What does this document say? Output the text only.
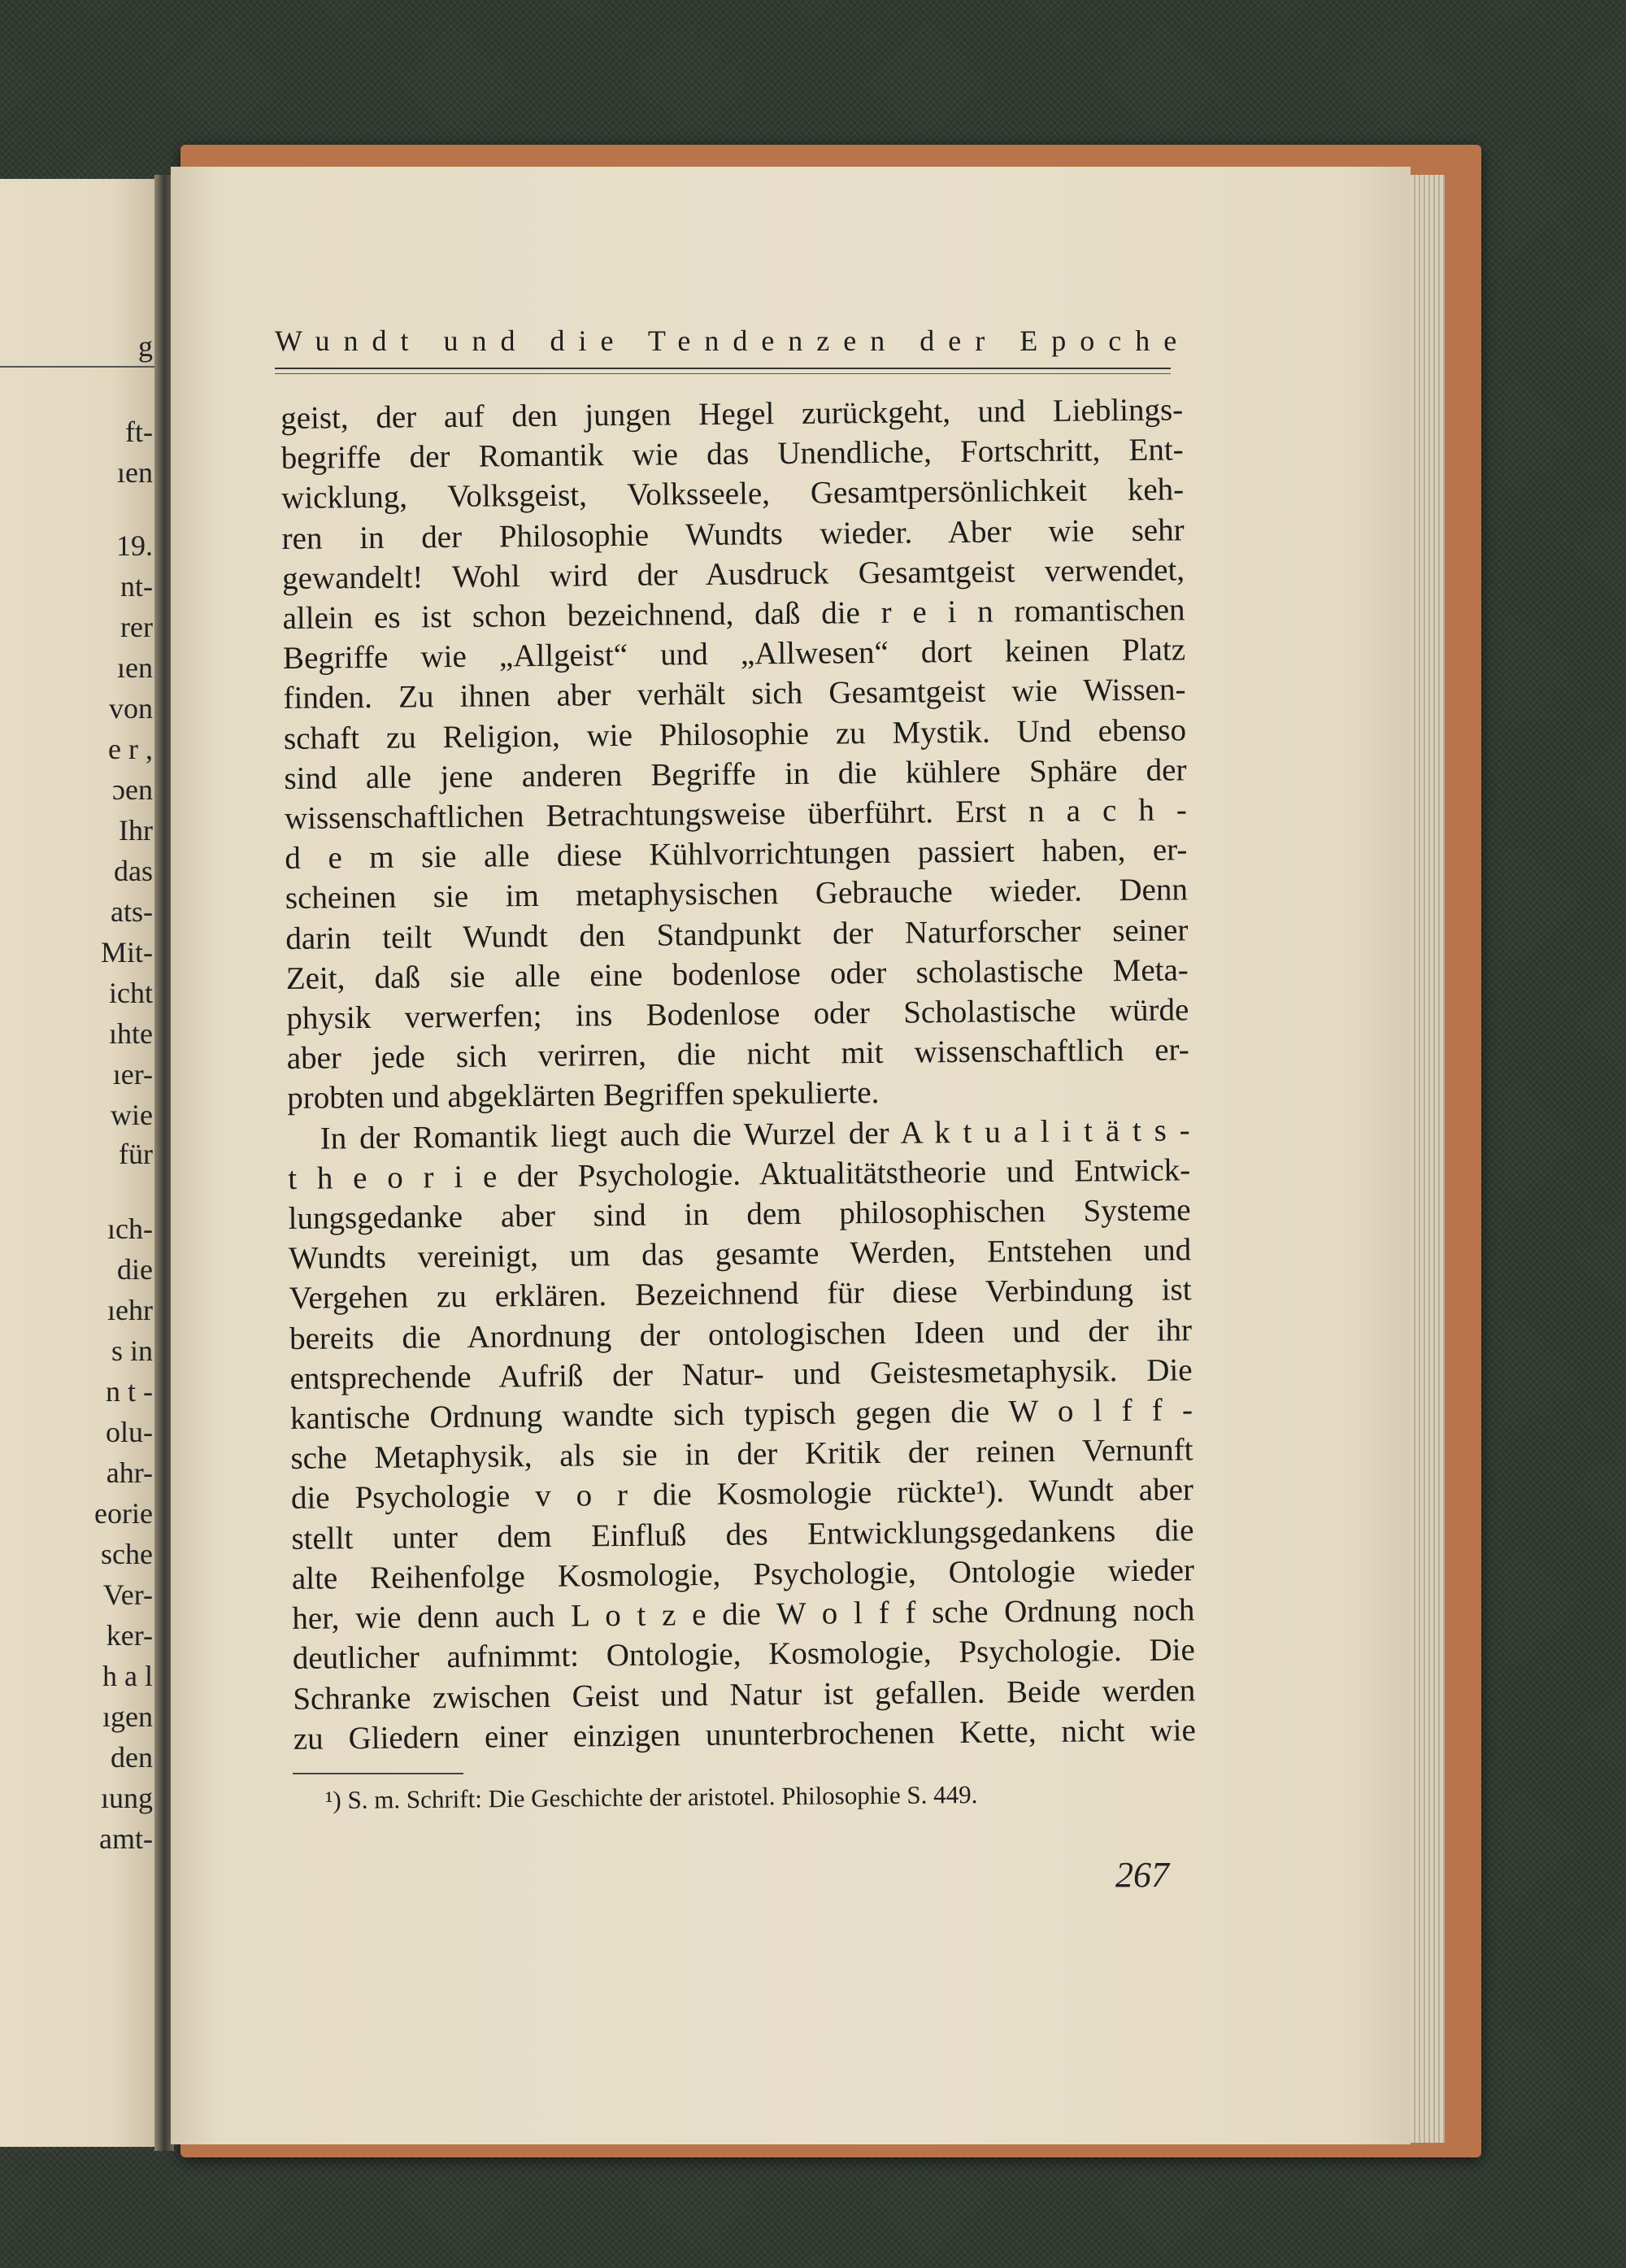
g
ft-
ıen
19.
nt-
rer
ıen
von
e r ,
ɔen
Ihr
das
ats-
Mit-
icht
ıhte
ıer-
wie
für
ıch-
die
ıehr
s in
n t -
olu-
ahr-
eorie
sche
Ver-
ker-
h a l
ıgen
den
ıung
amt-
Wundt und die Tendenzen der Epoche
geist, der auf den jungen Hegel zurückgeht, und Lieblings-
begriffe der Romantik wie das Unendliche, Fortschritt, Ent-
wicklung, Volksgeist, Volksseele, Gesamtpersönlichkeit keh-
ren in der Philosophie Wundts wieder. Aber wie sehr
gewandelt! Wohl wird der Ausdruck Gesamtgeist verwendet,
allein es ist schon bezeichnend, daß die r e i n romantischen
Begriffe wie „Allgeist“ und „Allwesen“ dort keinen Platz
finden. Zu ihnen aber verhält sich Gesamtgeist wie Wissen-
schaft zu Religion, wie Philosophie zu Mystik. Und ebenso
sind alle jene anderen Begriffe in die kühlere Sphäre der
wissenschaftlichen Betrachtungsweise überführt. Erst n a c h -
d e m sie alle diese Kühlvorrichtungen passiert haben, er-
scheinen sie im metaphysischen Gebrauche wieder. Denn
darin teilt Wundt den Standpunkt der Naturforscher seiner
Zeit, daß sie alle eine bodenlose oder scholastische Meta-
physik verwerfen; ins Bodenlose oder Scholastische würde
aber jede sich verirren, die nicht mit wissenschaftlich er-
probten und abgeklärten Begriffen spekulierte.
In der Romantik liegt auch die Wurzel der A k t u a l i t ä t s -
t h e o r i e der Psychologie. Aktualitätstheorie und Entwick-
lungsgedanke aber sind in dem philosophischen Systeme
Wundts vereinigt, um das gesamte Werden, Entstehen und
Vergehen zu erklären. Bezeichnend für diese Verbindung ist
bereits die Anordnung der ontologischen Ideen und der ihr
entsprechende Aufriß der Natur- und Geistesmetaphysik. Die
kantische Ordnung wandte sich typisch gegen die W o l f f -
sche Metaphysik, als sie in der Kritik der reinen Vernunft
die Psychologie v o r die Kosmologie rückte¹). Wundt aber
stellt unter dem Einfluß des Entwicklungsgedankens die
alte Reihenfolge Kosmologie, Psychologie, Ontologie wieder
her, wie denn auch L o t z e die W o l f f sche Ordnung noch
deutlicher aufnimmt: Ontologie, Kosmologie, Psychologie. Die
Schranke zwischen Geist und Natur ist gefallen. Beide werden
zu Gliedern einer einzigen ununterbrochenen Kette, nicht wie
¹) S. m. Schrift: Die Geschichte der aristotel. Philosophie S. 449.
267
